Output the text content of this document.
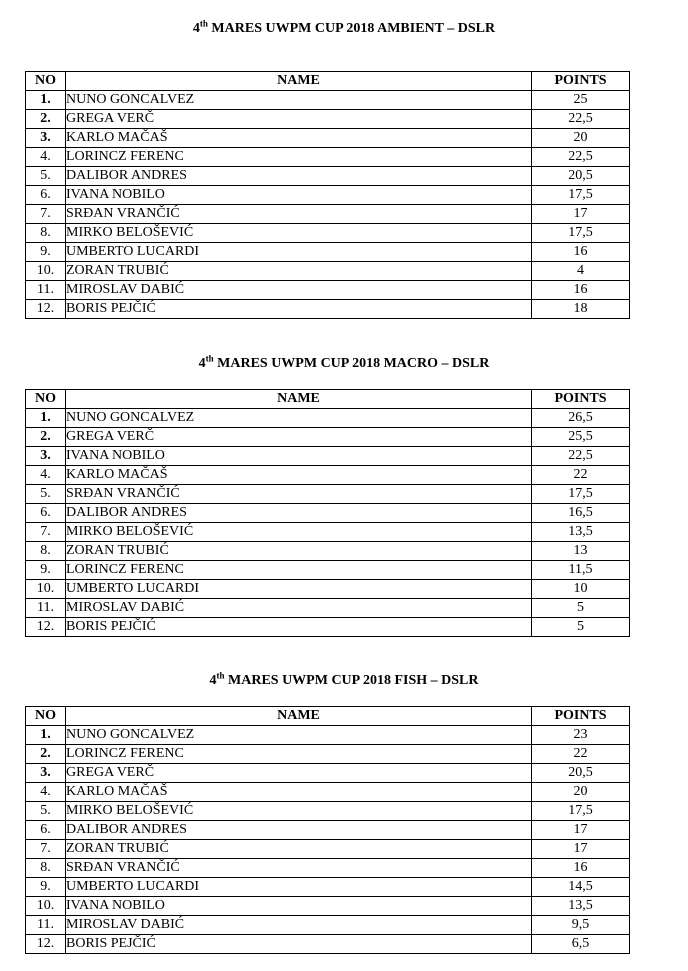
4th MARES UWPM CUP 2018 AMBIENT – DSLR
NO	NAME	POINTS
1.	NUNO GONCALVEZ	25
2.	GREGA VERČ	22,5
3.	KARLO MAČAŠ	20
4.	LORINCZ FERENC	22,5
5.	DALIBOR ANDRES	20,5
6.	IVANA NOBILO	17,5
7.	SRĐAN VRANČIĆ	17
8.	MIRKO BELOŠEVIĆ	17,5
9.	UMBERTO LUCARDI	16
10.	ZORAN TRUBIĆ	4
11.	MIROSLAV DABIĆ	16
12.	BORIS PEJČIĆ	18
4th MARES UWPM CUP 2018 MACRO – DSLR
NO	NAME	POINTS
1.	NUNO GONCALVEZ	26,5
2.	GREGA VERČ	25,5
3.	IVANA NOBILO	22,5
4.	KARLO MAČAŠ	22
5.	SRĐAN VRANČIĆ	17,5
6.	DALIBOR ANDRES	16,5
7.	MIRKO BELOŠEVIĆ	13,5
8.	ZORAN TRUBIĆ	13
9.	LORINCZ FERENC	11,5
10.	UMBERTO LUCARDI	10
11.	MIROSLAV DABIĆ	5
12.	BORIS PEJČIĆ	5
4th MARES UWPM CUP 2018 FISH – DSLR
NO	NAME	POINTS
1.	NUNO GONCALVEZ	23
2.	LORINCZ FERENC	22
3.	GREGA VERČ	20,5
4.	KARLO MAČAŠ	20
5.	MIRKO BELOŠEVIĆ	17,5
6.	DALIBOR ANDRES	17
7.	ZORAN TRUBIĆ	17
8.	SRĐAN VRANČIĆ	16
9.	UMBERTO LUCARDI	14,5
10.	IVANA NOBILO	13,5
11.	MIROSLAV DABIĆ	9,5
12.	BORIS PEJČIĆ	6,5
